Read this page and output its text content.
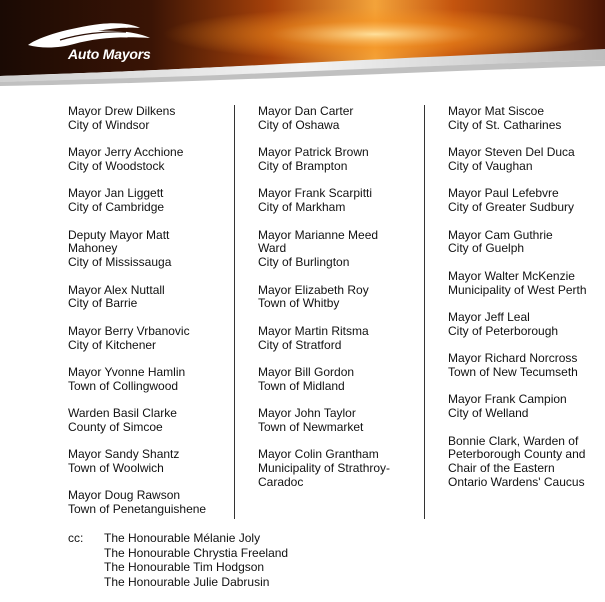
Auto Mayors
Mayor Drew Dilkens
City of Windsor
Mayor Jerry Acchione
City of Woodstock
Mayor Jan Liggett
City of Cambridge
Deputy Mayor Matt
Mahoney
City of Mississauga
Mayor Alex Nuttall
City of Barrie
Mayor Berry Vrbanovic
City of Kitchener
Mayor Yvonne Hamlin
Town of Collingwood
Warden Basil Clarke
County of Simcoe
Mayor Sandy Shantz
Town of Woolwich
Mayor Doug Rawson
Town of Penetanguishene
Mayor Dan Carter
City of Oshawa
Mayor Patrick Brown
City of Brampton
Mayor Frank Scarpitti
City of Markham
Mayor Marianne Meed
Ward
City of Burlington
Mayor Elizabeth Roy
Town of Whitby
Mayor Martin Ritsma
City of Stratford
Mayor Bill Gordon
Town of Midland
Mayor John Taylor
Town of Newmarket
Mayor Colin Grantham
Municipality of Strathroy-
Caradoc
Mayor Mat Siscoe
City of St. Catharines
Mayor Steven Del Duca
City of Vaughan
Mayor Paul Lefebvre
City of Greater Sudbury
Mayor Cam Guthrie
City of Guelph
Mayor Walter McKenzie
Municipality of West Perth
Mayor Jeff Leal
City of Peterborough
Mayor Richard Norcross
Town of New Tecumseth
Mayor Frank Campion
City of Welland
Bonnie Clark, Warden of
Peterborough County and
Chair of the Eastern
Ontario Wardens' Caucus
cc: The Honourable Mélanie Joly
The Honourable Chrystia Freeland
The Honourable Tim Hodgson
The Honourable Julie Dabrusin
